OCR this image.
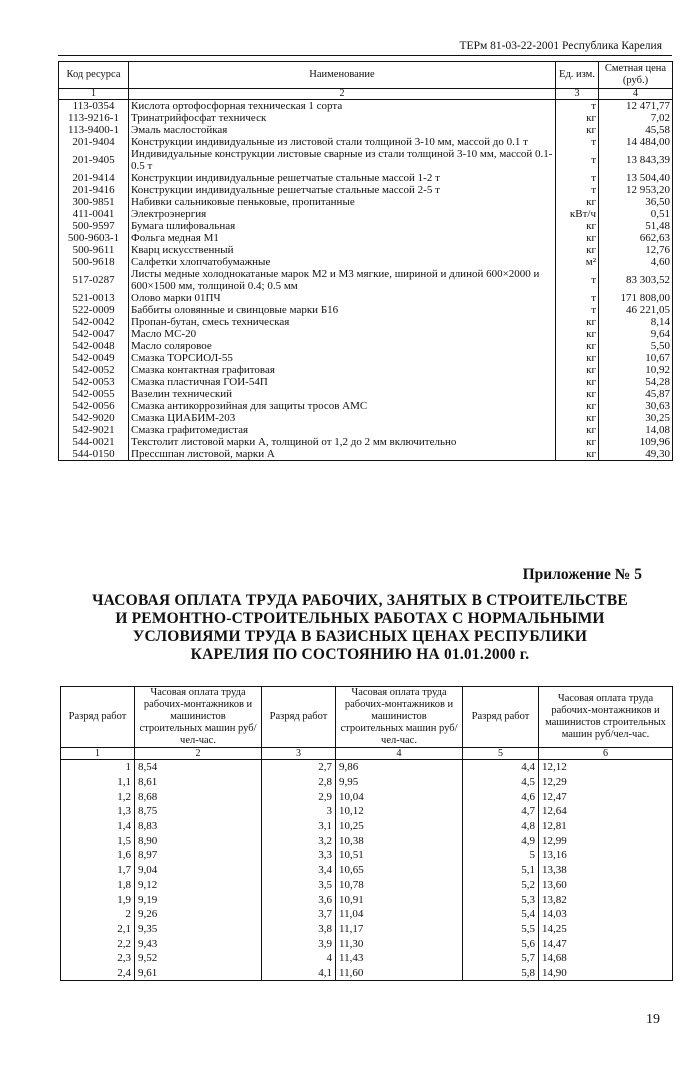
ТЕРм 81-03-22-2001 Республика Карелия
Код ресурса	Наименование	Ед. изм.	Сметная цена (руб.)
1	2	3	4
113-0354	Кислота ортофосфорная техническая 1 сорта	т	12 471,77
113-9216-1	Тринатрийфосфат техническ	кг	7,02
113-9400-1	Эмаль маслостойкая	кг	45,58
201-9404	Конструкции индивидуальные из листовой стали толщиной 3-10 мм, массой до 0.1 т	т	14 484,00
201-9405	Индивидуальные конструкции листовые сварные из стали толщиной 3-10 мм, массой 0.1-0.5 т	т	13 843,39
201-9414	Конструкции индивидуальные решетчатые стальные массой 1-2 т	т	13 504,40
201-9416	Конструкции индивидуальные решетчатые стальные массой 2-5 т	т	12 953,20
300-9851	Набивки сальниковые пеньковые, пропитанные	кг	36,50
411-0041	Электроэнергия	кВт/ч	0,51
500-9597	Бумага шлифовальная	кг	51,48
500-9603-1	Фольга медная М1	кг	662,63
500-9611	Кварц искусственный	кг	12,76
500-9618	Салфетки хлопчатобумажные	м²	4,60
517-0287	Листы медные холоднокатаные марок М2 и М3 мягкие, шириной и длиной 600×2000 и 600×1500 мм, толщиной 0.4; 0.5 мм	т	83 303,52
521-0013	Олово марки 01ПЧ	т	171 808,00
522-0009	Баббиты оловянные и свинцовые марки Б16	т	46 221,05
542-0042	Пропан-бутан, смесь техническая	кг	8,14
542-0047	Масло МС-20	кг	9,64
542-0048	Масло соляровое	кг	5,50
542-0049	Смазка ТОРСИОЛ-55	кг	10,67
542-0052	Смазка контактная графитовая	кг	10,92
542-0053	Смазка пластичная ГОИ-54П	кг	54,28
542-0055	Вазелин технический	кг	45,87
542-0056	Смазка антикоррозийная для защиты тросов АМС	кг	30,63
542-9020	Смазка ЦИАБИМ-203	кг	30,25
542-9021	Смазка графитомедистая	кг	14,08
544-0021	Текстолит листовой марки А, толщиной от 1,2 до 2 мм включительно	кг	109,96
544-0150	Прессшпан листовой, марки А	кг	49,30
Приложение № 5
ЧАСОВАЯ ОПЛАТА ТРУДА РАБОЧИХ, ЗАНЯТЫХ В СТРОИТЕЛЬСТВЕ
И РЕМОНТНО-СТРОИТЕЛЬНЫХ РАБОТАХ С НОРМАЛЬНЫМИ
УСЛОВИЯМИ ТРУДА В БАЗИСНЫХ ЦЕНАХ РЕСПУБЛИКИ
КАРЕЛИЯ ПО СОСТОЯНИЮ НА 01.01.2000 г.
Разряд работ	Часовая оплата труда рабочих-монтажников и машинистов строительных машин руб/чел-час.	Разряд работ	Часовая оплата труда рабочих-монтажников и машинистов строительных машин руб/чел-час.	Разряд работ	Часовая оплата труда рабочих-монтажников и машинистов строительных машин руб/чел-час.
1	2	3	4	5	6
1	8,54	2,7	9,86	4,4	12,12
1,1	8,61	2,8	9,95	4,5	12,29
1,2	8,68	2,9	10,04	4,6	12,47
1,3	8,75	3	10,12	4,7	12,64
1,4	8,83	3,1	10,25	4,8	12,81
1,5	8,90	3,2	10,38	4,9	12,99
1,6	8,97	3,3	10,51	5	13,16
1,7	9,04	3,4	10,65	5,1	13,38
1,8	9,12	3,5	10,78	5,2	13,60
1,9	9,19	3,6	10,91	5,3	13,82
2	9,26	3,7	11,04	5,4	14,03
2,1	9,35	3,8	11,17	5,5	14,25
2,2	9,43	3,9	11,30	5,6	14,47
2,3	9,52	4	11,43	5,7	14,68
2,4	9,61	4,1	11,60	5,8	14,90
19
